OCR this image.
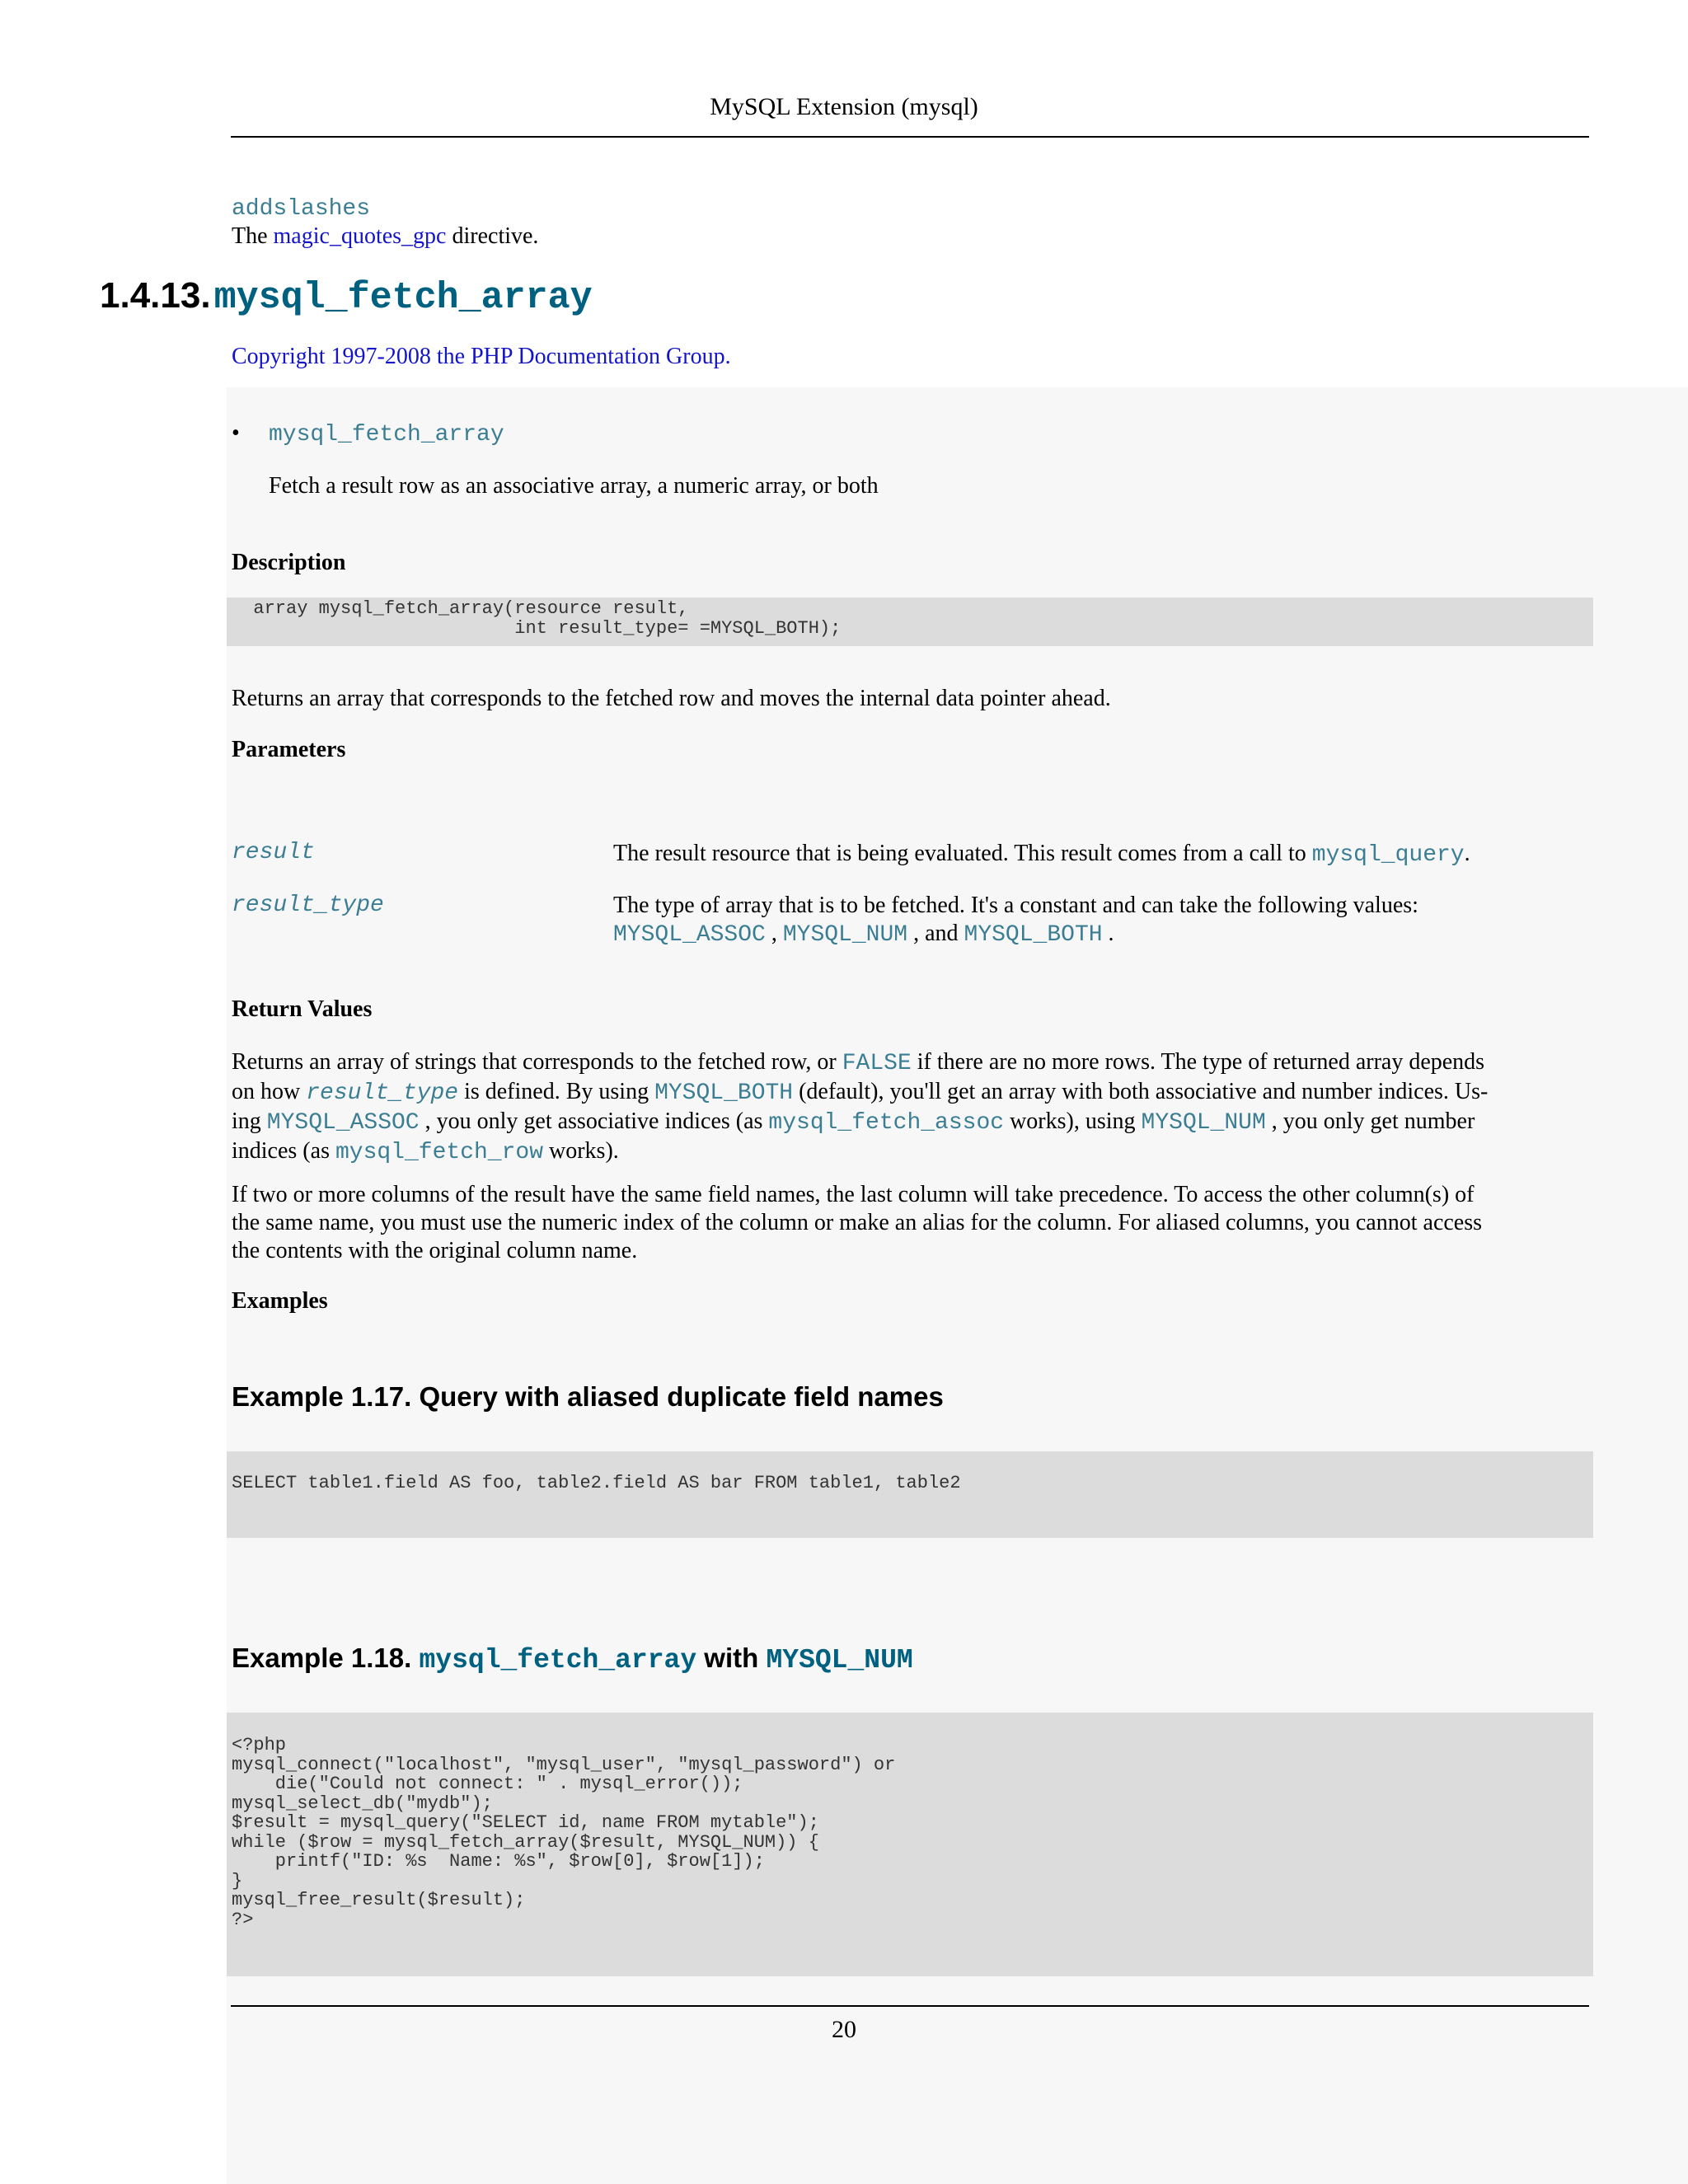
MySQL Extension (mysql)
addslashes
The magic_quotes_gpc directive.
1.4.13. mysql_fetch_array
Copyright 1997-2008 the PHP Documentation Group.
• mysql_fetch_array
Fetch a result row as an associative array, a numeric array, or both
Description
array mysql_fetch_array(resource result,
int result_type= =MYSQL_BOTH);
Returns an array that corresponds to the fetched row and moves the internal data pointer ahead.
Parameters
result	The result resource that is being evaluated. This result comes from a call to mysql_query.
result_type	The type of array that is to be fetched. It's a constant and can take the following values:
MYSQL_ASSOC , MYSQL_NUM , and MYSQL_BOTH .
Return Values
Returns an array of strings that corresponds to the fetched row, or FALSE if there are no more rows. The type of returned array depends
on how result_type is defined. By using MYSQL_BOTH (default), you'll get an array with both associative and number indices. Us-
ing MYSQL_ASSOC , you only get associative indices (as mysql_fetch_assoc works), using MYSQL_NUM , you only get number
indices (as mysql_fetch_row works).
If two or more columns of the result have the same field names, the last column will take precedence. To access the other column(s) of
the same name, you must use the numeric index of the column or make an alias for the column. For aliased columns, you cannot access
the contents with the original column name.
Examples
Example 1.17. Query with aliased duplicate field names
SELECT table1.field AS foo, table2.field AS bar FROM table1, table2
Example 1.18. mysql_fetch_array with MYSQL_NUM
<?php
mysql_connect("localhost", "mysql_user", "mysql_password") or
die("Could not connect: " . mysql_error());
mysql_select_db("mydb");
$result = mysql_query("SELECT id, name FROM mytable");
while ($row = mysql_fetch_array($result, MYSQL_NUM)) {
printf("ID: %s  Name: %s", $row[0], $row[1]);
}
mysql_free_result($result);
?>
20
